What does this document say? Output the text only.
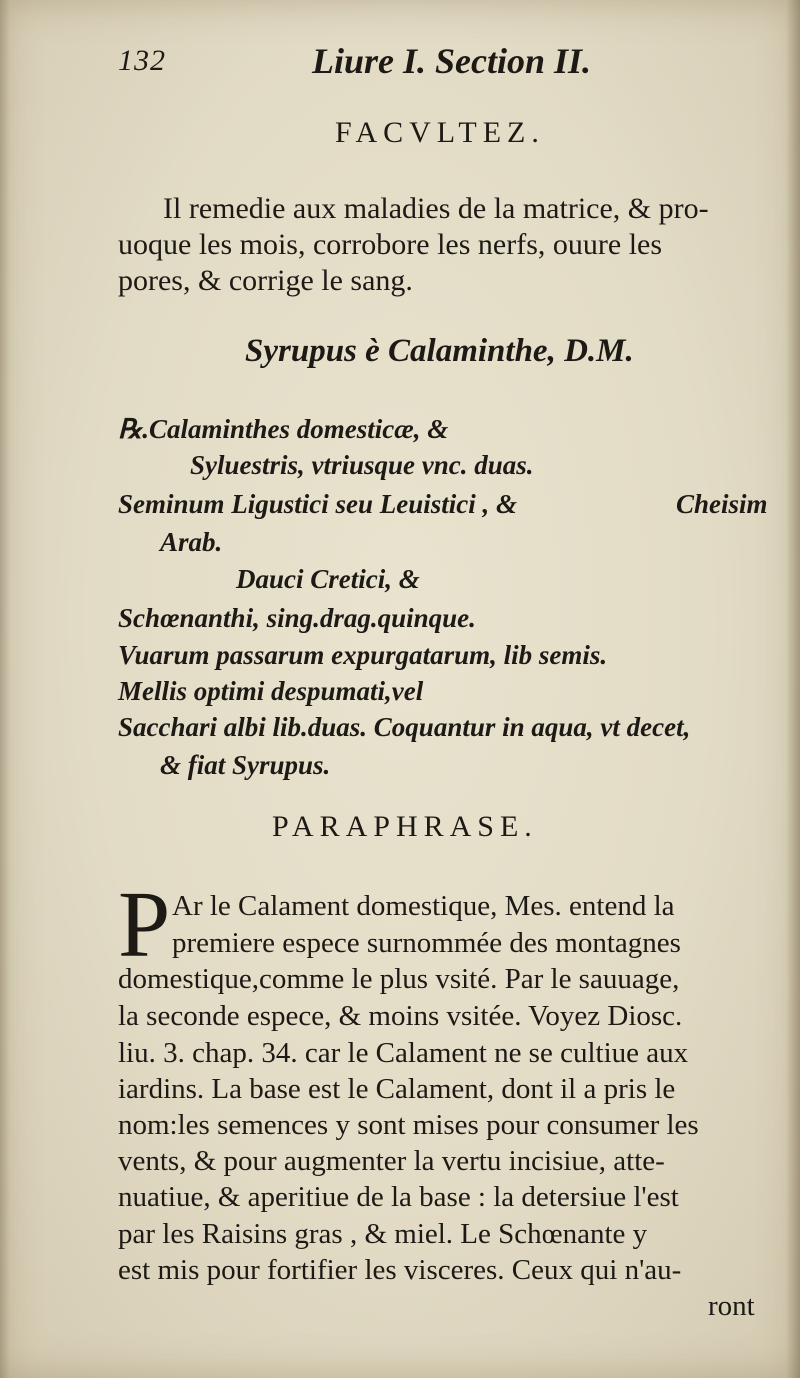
132	Liure I. Section II.
FACVLTEZ.
Il remedie aux maladies de la matrice, & pro-
uoque les mois, corrobore les nerfs, ouure les
pores, & corrige le sang.
Syrupus è Calaminthe, D.M.
℞.Calaminthes domesticæ, &
Syluestris, vtriusque vnc. duas.
Seminum Ligustici seu Leuistici , &	Cheisim
Arab.
Dauci Cretici, &
Schœnanthi, sing.drag.quinque.
Vuarum passarum expurgatarum, lib semis.
Mellis optimi despumati,vel
Sacchari albi lib.duas. Coquantur in aqua, vt decet,
& fiat Syrupus.
PARAPHRASE.
P Ar le Calament domestique, Mes. entend la
premiere espece surnommée des montagnes
domestique,comme le plus vsité. Par le sauuage,
la seconde espece, & moins vsitée. Voyez Diosc.
liu. 3. chap. 34. car le Calament ne se cultiue aux
iardins. La base est le Calament, dont il a pris le
nom:les semences y sont mises pour consumer les
vents, & pour augmenter la vertu incisiue, atte-
nuatiue, & aperitiue de la base : la detersiue l'est
par les Raisins gras , & miel. Le Schœnante y
est mis pour fortifier les visceres. Ceux qui n'au-
ront
